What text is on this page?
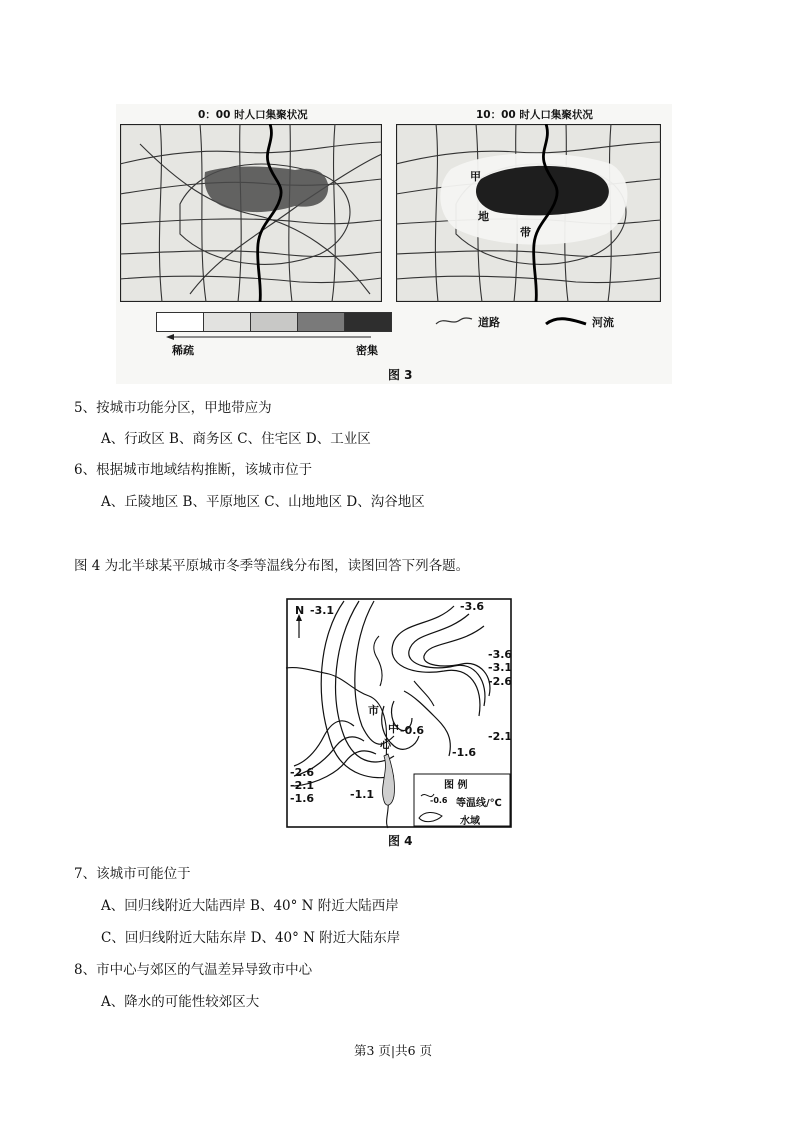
0：00 时人口集聚状况	10：00 时人口集聚状况
甲
地
带
稀疏	密集
道路	河流
图 3
5、按城市功能分区，甲地带应为
A、行政区 B、商务区 C、住宅区 D、工业区
6、根据城市地域结构推断，该城市位于
A、丘陵地区 B、平原地区 C、山地地区 D、沟谷地区
图 4 为北半球某平原城市冬季等温线分布图，读图回答下列各题。
N -3.1	-3.6
-3.6
-3.1
-2.6
-2.1
-1.6
-0.6
-2.6
-2.1
-1.6	-1.1
市
中
心
图 例
-0.6 等温线/℃
水域
图 4
7、该城市可能位于
A、回归线附近大陆西岸 B、40° N 附近大陆西岸
C、回归线附近大陆东岸 D、40° N 附近大陆东岸
8、市中心与郊区的气温差异导致市中心
A、降水的可能性较郊区大
第3 页|共6 页
